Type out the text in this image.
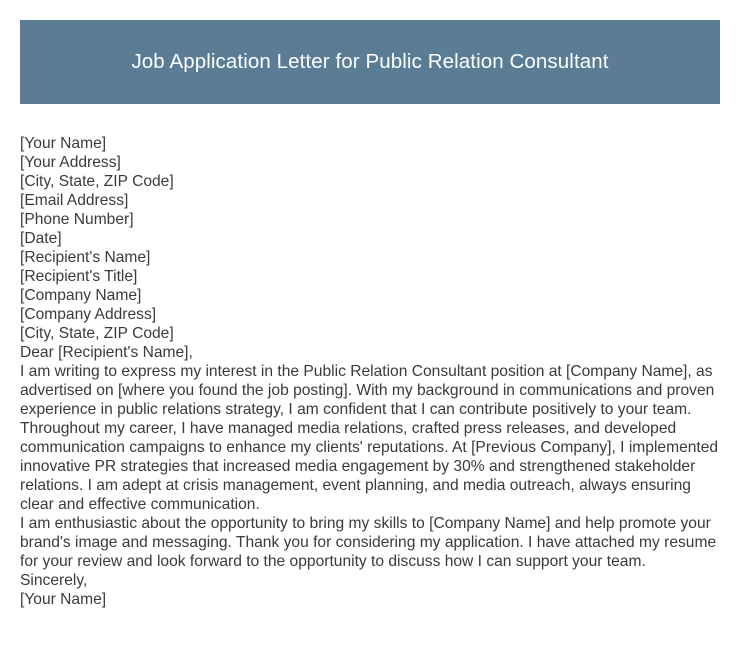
Job Application Letter for Public Relation Consultant
[Your Name]
[Your Address]
[City, State, ZIP Code]
[Email Address]
[Phone Number]
[Date]
[Recipient's Name]
[Recipient's Title]
[Company Name]
[Company Address]
[City, State, ZIP Code]
Dear [Recipient's Name],

I am writing to express my interest in the Public Relation Consultant position at [Company Name], as advertised on [where you found the job posting]. With my background in communications and proven experience in public relations strategy, I am confident that I can contribute positively to your team.

Throughout my career, I have managed media relations, crafted press releases, and developed communication campaigns to enhance my clients' reputations. At [Previous Company], I implemented innovative PR strategies that increased media engagement by 30% and strengthened stakeholder relations. I am adept at crisis management, event planning, and media outreach, always ensuring clear and effective communication.

I am enthusiastic about the opportunity to bring my skills to [Company Name] and help promote your brand's image and messaging. Thank you for considering my application. I have attached my resume for your review and look forward to the opportunity to discuss how I can support your team.

Sincerely,
[Your Name]
